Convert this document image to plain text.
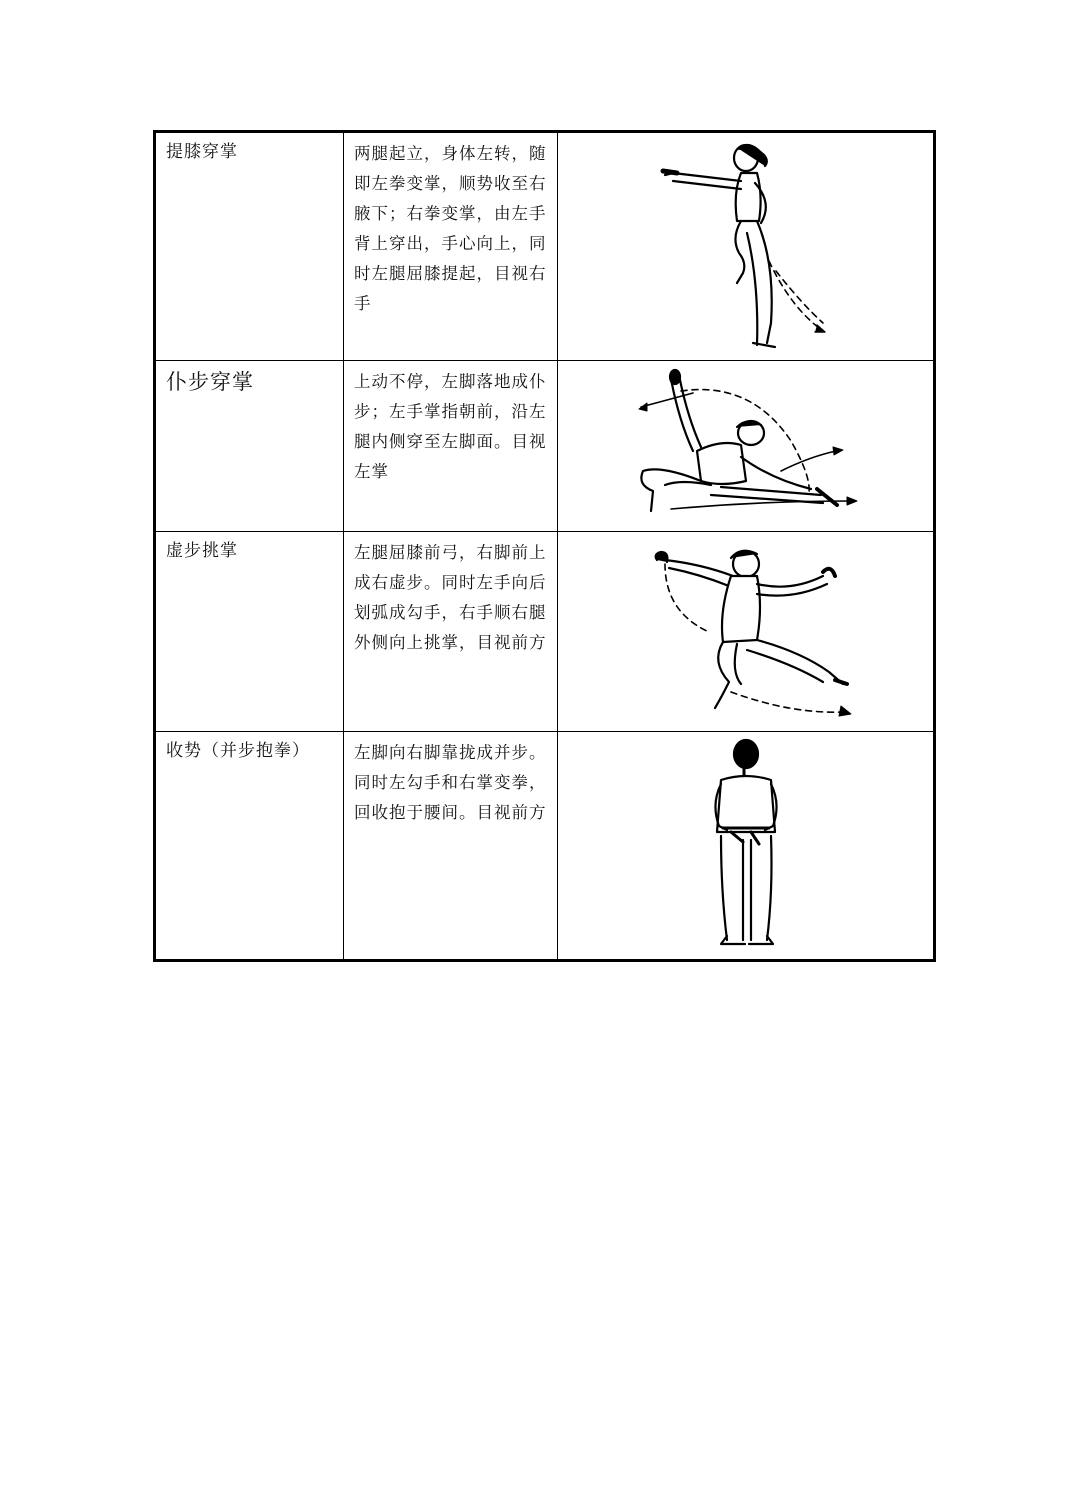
提膝穿掌	两腿起立，身体左转，随即左拳变掌，顺势收至右腋下；右拳变掌，由左手背上穿出，手心向上，同时左腿屈膝提起，目视右手

仆步穿掌	上动不停，左脚落地成仆步；左手掌指朝前，沿左腿内侧穿至左脚面。目视左掌

虚步挑掌	左腿屈膝前弓，右脚前上成右虚步。同时左手向后划弧成勾手，右手顺右腿外侧向上挑掌，目视前方

收势（并步抱拳）	左脚向右脚靠拢成并步。同时左勾手和右掌变拳，回收抱于腰间。目视前方
